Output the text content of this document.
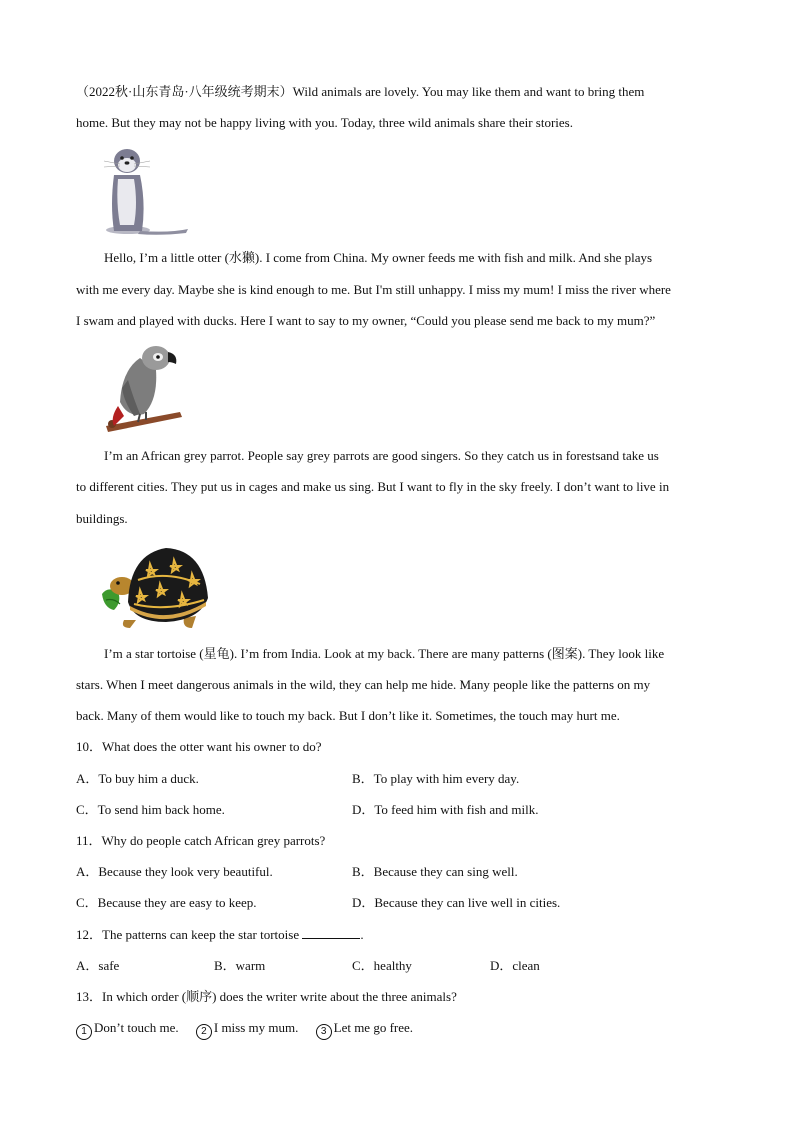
（2022秋·山东青岛·八年级统考期末）Wild animals are lovely. You may like them and want to bring them
home. But they may not be happy living with you. Today, three wild animals share their stories.
Hello, I’m a little otter (水獭). I come from China. My owner feeds me with fish and milk. And she plays
with me every day. Maybe she is kind enough to me. But I'm still unhappy. I miss my mum! I miss the river where
I swam and played with ducks. Here I want to say to my owner, “Could you please send me back to my mum?”
I’m an African grey parrot. People say grey parrots are good singers. So they catch us in forestsand take us
to different cities. They put us in cages and make us sing. But I want to fly in the sky freely. I don’t want to live in
buildings.
I’m a star tortoise (星龟). I’m from India. Look at my back. There are many patterns (图案). They look like
stars. When I meet dangerous animals in the wild, they can help me hide. Many people like the patterns on my
back. Many of them would like to touch my back. But I don’t like it. Sometimes, the touch may hurt me.
10．What does the otter want his owner to do?
A．To buy him a duck.	B．To play with him every day.
C．To send him back home.	D．To feed him with fish and milk.
11．Why do people catch African grey parrots?
A．Because they look very beautiful.	B．Because they can sing well.
C．Because they are easy to keep.	D．Because they can live well in cities.
12．The patterns can keep the star tortoise	.
A．safe	B．warm	C．healthy	D．clean
13．In which order (顺序) does the writer write about the three animals?
1 Don’t touch me. 2 I miss my mum. 3 Let me go free.
